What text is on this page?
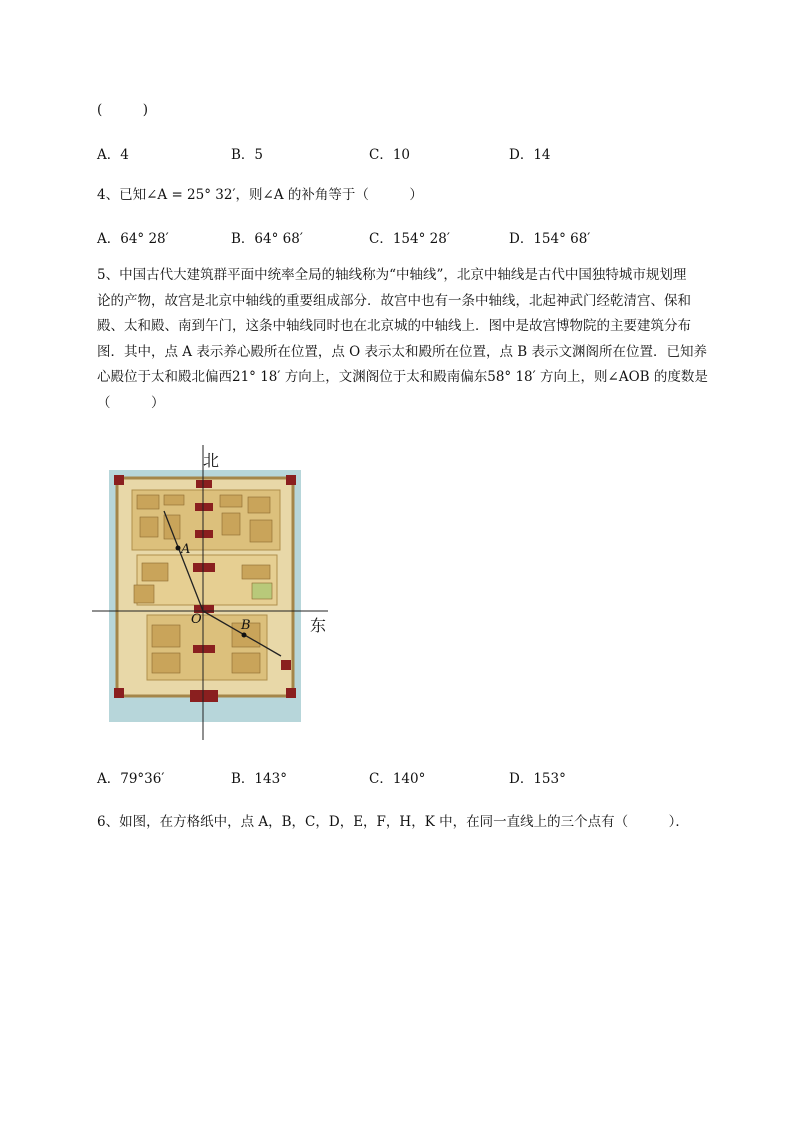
(　　　)
A．4	B．5	C．10	D．14
4、已知∠A = 25° 32′，则∠A 的补角等于（　　　）
A．64° 28′	B．64° 68′	C．154° 28′	D．154° 68′
5、中国古代大建筑群平面中统率全局的轴线称为“中轴线”，北京中轴线是古代中国独特城市规划理
论的产物，故宫是北京中轴线的重要组成部分．故宫中也有一条中轴线，北起神武门经乾清宫、保和
殿、太和殿、南到午门，这条中轴线同时也在北京城的中轴线上．图中是故宫博物院的主要建筑分布
图．其中，点 A 表示养心殿所在位置，点 O 表示太和殿所在位置，点 B 表示文渊阁所在位置．已知养
心殿位于太和殿北偏西21° 18′ 方向上，文渊阁位于太和殿南偏东58° 18′ 方向上，则∠AOB 的度数是
（　　　）
北
东
A
O	B
A．79°36′	B．143°	C．140°	D．153°
6、如图，在方格纸中，点 A，B，C，D，E，F，H，K 中，在同一直线上的三个点有（　　　）．
